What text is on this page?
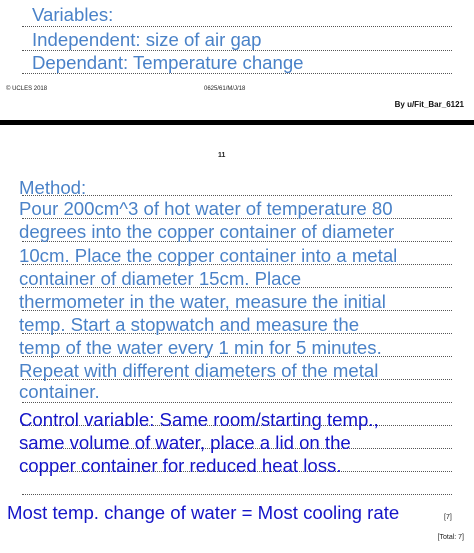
Variables:
Independent: size of air gap
Dependant: Temperature change
© UCLES 2018	0625/61/M/J/18
By u/Fit_Bar_6121
11
Method:
Pour 200cm^3 of hot water of temperature 80
degrees into the copper container of diameter
10cm. Place the copper container into a metal
container of diameter 15cm. Place
thermometer in the water, measure the initial
temp. Start a stopwatch and measure the
temp of the water every 1 min for 5 minutes.
Repeat with different diameters of the metal
container.
Control variable: Same room/starting temp.,
same volume of water, place a lid on the
copper container for reduced heat loss.
Most temp. change of water = Most cooling rate	[7]
[Total: 7]
